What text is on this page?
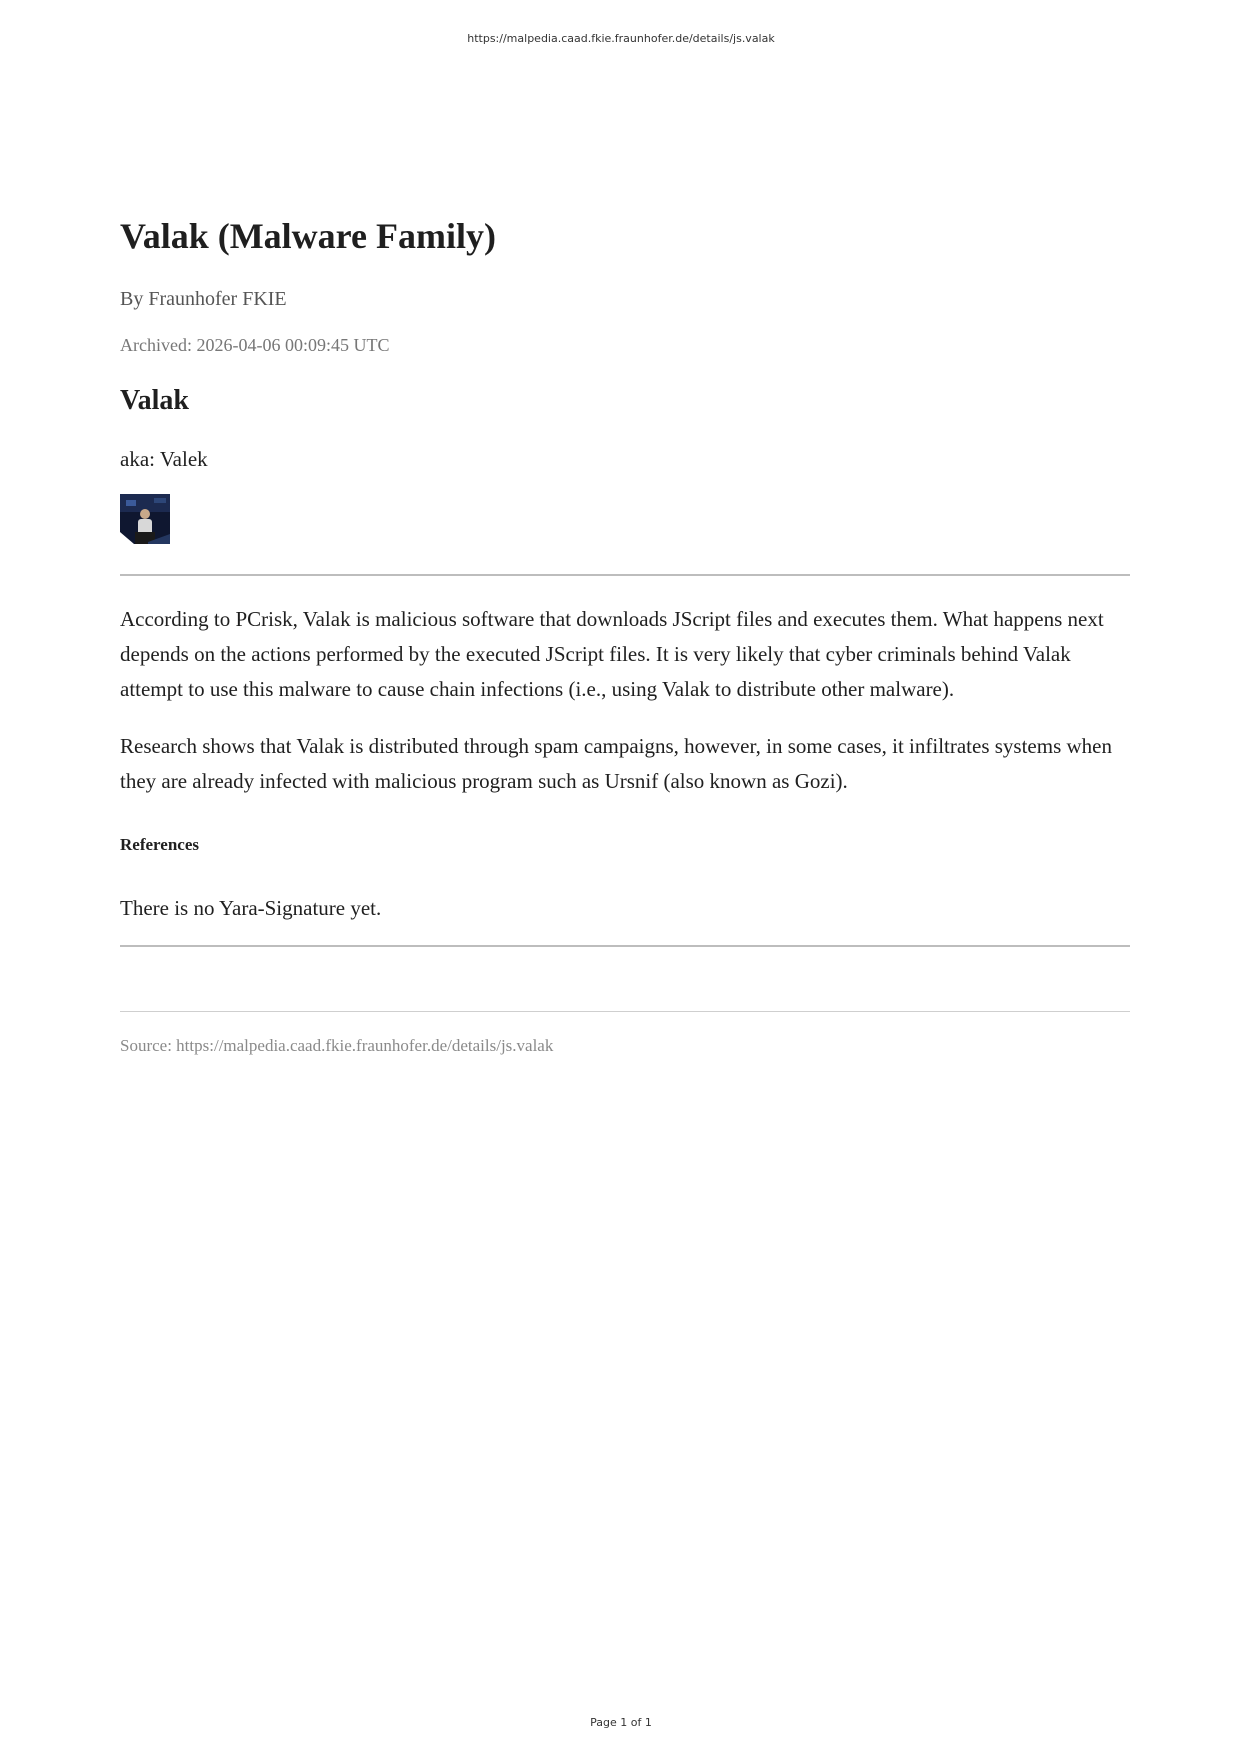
https://malpedia.caad.fkie.fraunhofer.de/details/js.valak
Valak (Malware Family)

By Fraunhofer FKIE

Archived: 2026-04-06 00:09:45 UTC

Valak

aka: Valek

According to PCrisk, Valak is malicious software that downloads JScript files and executes them. What happens next depends on the actions performed by the executed JScript files. It is very likely that cyber criminals behind Valak attempt to use this malware to cause chain infections (i.e., using Valak to distribute other malware).

Research shows that Valak is distributed through spam campaigns, however, in some cases, it infiltrates systems when they are already infected with malicious program such as Ursnif (also known as Gozi).

References

There is no Yara-Signature yet.

Source: https://malpedia.caad.fkie.fraunhofer.de/details/js.valak

Page 1 of 1
